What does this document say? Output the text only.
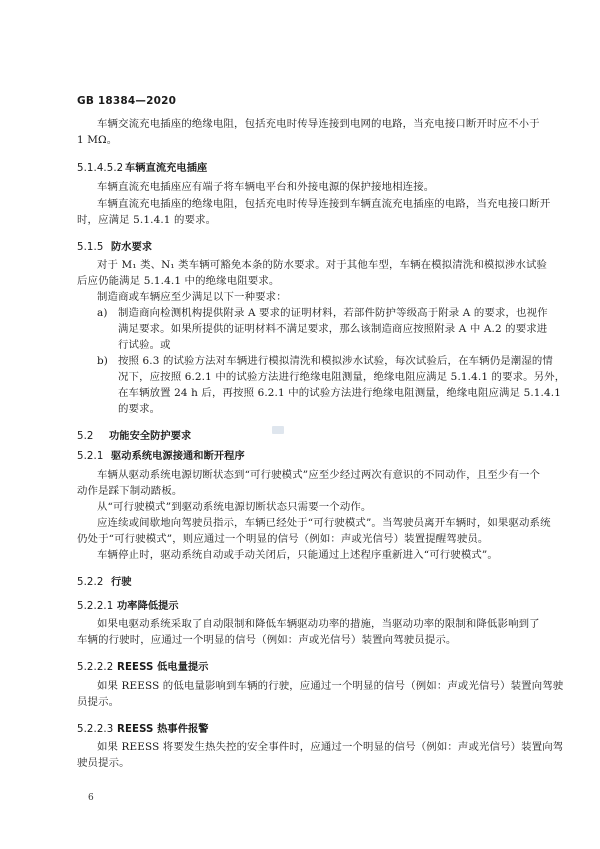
GB 18384—2020
车辆交流充电插座的绝缘电阻，包括充电时传导连接到电网的电路，当充电接口断开时应不小于
1 MΩ。
5.1.4.5.2 车辆直流充电插座
车辆直流充电插座应有端子将车辆电平台和外接电源的保护接地相连接。
车辆直流充电插座的绝缘电阻，包括充电时传导连接到车辆直流充电插座的电路，当充电接口断开
时，应满足 5.1.4.1 的要求。
5.1.5 防水要求
对于 M₁ 类、N₁ 类车辆可豁免本条的防水要求。对于其他车型，车辆在模拟清洗和模拟涉水试验
后应仍能满足 5.1.4.1 中的绝缘电阻要求。
制造商或车辆应至少满足以下一种要求：
a) 制造商向检测机构提供附录 A 要求的证明材料，若部件防护等级高于附录 A 的要求，也视作
满足要求。如果所提供的证明材料不满足要求，那么该制造商应按照附录 A 中 A.2 的要求进
行试验。或
b) 按照 6.3 的试验方法对车辆进行模拟清洗和模拟涉水试验，每次试验后，在车辆仍是潮湿的情
况下，应按照 6.2.1 中的试验方法进行绝缘电阻测量，绝缘电阻应满足 5.1.4.1 的要求。另外，
在车辆放置 24 h 后，再按照 6.2.1 中的试验方法进行绝缘电阻测量，绝缘电阻应满足 5.1.4.1
的要求。
5.2 功能安全防护要求
5.2.1 驱动系统电源接通和断开程序
车辆从驱动系统电源切断状态到“可行驶模式”应至少经过两次有意识的不同动作，且至少有一个
动作是踩下制动踏板。
从“可行驶模式”到驱动系统电源切断状态只需要一个动作。
应连续或间歇地向驾驶员指示，车辆已经处于“可行驶模式”。当驾驶员离开车辆时，如果驱动系统
仍处于“可行驶模式”，则应通过一个明显的信号（例如：声或光信号）装置提醒驾驶员。
车辆停止时，驱动系统自动或手动关闭后，只能通过上述程序重新进入“可行驶模式”。
5.2.2 行驶
5.2.2.1 功率降低提示
如果电驱动系统采取了自动限制和降低车辆驱动功率的措施，当驱动功率的限制和降低影响到了
车辆的行驶时，应通过一个明显的信号（例如：声或光信号）装置向驾驶员提示。
5.2.2.2 REESS 低电量提示
如果 REESS 的低电量影响到车辆的行驶，应通过一个明显的信号（例如：声或光信号）装置向驾驶
员提示。
5.2.2.3 REESS 热事件报警
如果 REESS 将要发生热失控的安全事件时，应通过一个明显的信号（例如：声或光信号）装置向驾
驶员提示。
6
